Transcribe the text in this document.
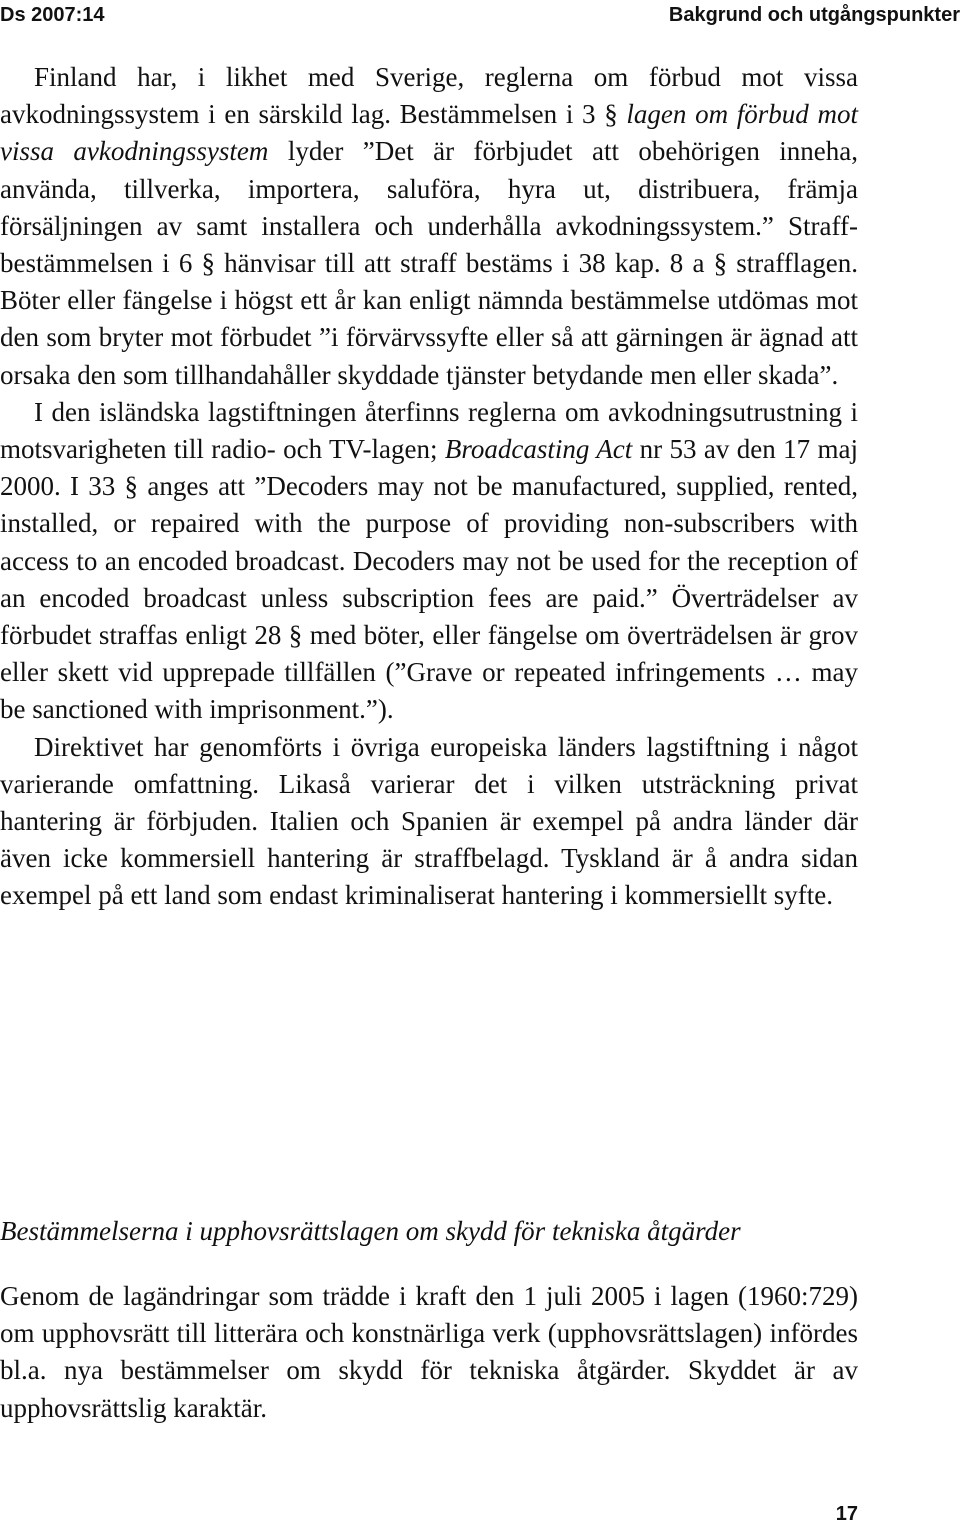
Ds 2007:14	Bakgrund och utgångspunkter

Finland har, i likhet med Sverige, reglerna om förbud mot vissa avkodningssystem i en särskild lag. Bestämmelsen i 3 § lagen om förbud mot vissa avkodningssystem lyder ”Det är förbjudet att obehörigen inneha, använda, tillverka, importera, saluföra, hyra ut, distribuera, främja försäljningen av samt installera och underhålla avkodningssystem.” Straff-bestämmelsen i 6 § hänvisar till att straff bestäms i 38 kap. 8 a § strafflagen. Böter eller fängelse i högst ett år kan enligt nämnda bestämmelse utdömas mot den som bryter mot förbudet ”i förvärvssyfte eller så att gärningen är ägnad att orsaka den som tillhandahåller skyddade tjänster betydande men eller skada”.

I den isländska lagstiftningen återfinns reglerna om avkodningsutrustning i motsvarigheten till radio- och TV-lagen; Broadcasting Act nr 53 av den 17 maj 2000. I 33 § anges att ”Decoders may not be manufactured, supplied, rented, installed, or repaired with the purpose of providing non-subscribers with access to an encoded broadcast. Decoders may not be used for the reception of an encoded broadcast unless subscription fees are paid.” Överträdelser av förbudet straffas enligt 28 § med böter, eller fängelse om överträdelsen är grov eller skett vid upprepade tillfällen (”Grave or repeated infringements … may be sanctioned with imprisonment.”).

Direktivet har genomförts i övriga europeiska länders lagstiftning i något varierande omfattning. Likaså varierar det i vilken utsträckning privat hantering är förbjuden. Italien och Spanien är exempel på andra länder där även icke kommersiell hantering är straffbelagd. Tyskland är å andra sidan exempel på ett land som endast kriminaliserat hantering i kommersiellt syfte.

Bestämmelserna i upphovsrättslagen om skydd för tekniska åtgärder

Genom de lagändringar som trädde i kraft den 1 juli 2005 i lagen (1960:729) om upphovsrätt till litterära och konstnärliga verk (upphovsrättslagen) infördes bl.a. nya bestämmelser om skydd för tekniska åtgärder. Skyddet är av upphovsrättslig karaktär.

17
